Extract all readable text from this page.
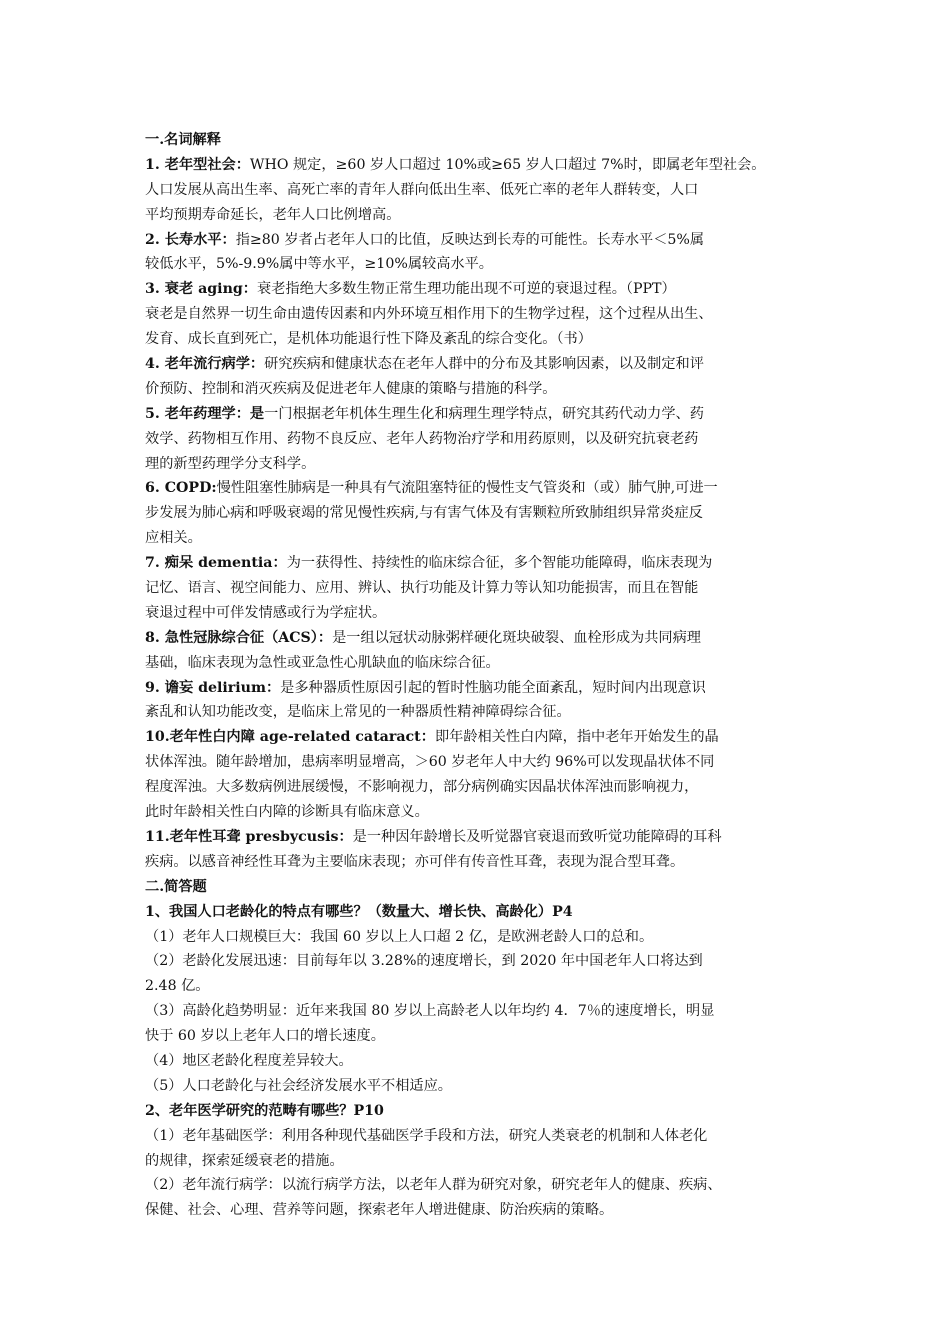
一.名词解释
1. 老年型社会：WHO 规定，≥60 岁人口超过 10%或≥65 岁人口超过 7%时，即属老年型社会。
人口发展从高出生率、高死亡率的青年人群向低出生率、低死亡率的老年人群转变，人口
平均预期寿命延长，老年人口比例增高。
2. 长寿水平：指≥80 岁者占老年人口的比值，反映达到长寿的可能性。长寿水平＜5%属
较低水平，5%-9.9%属中等水平，≥10%属较高水平。
3. 衰老 aging：衰老指绝大多数生物正常生理功能出现不可逆的衰退过程。（PPT）
衰老是自然界一切生命由遗传因素和内外环境互相作用下的生物学过程，这个过程从出生、
发育、成长直到死亡，是机体功能退行性下降及紊乱的综合变化。（书）
4. 老年流行病学：研究疾病和健康状态在老年人群中的分布及其影响因素，以及制定和评
价预防、控制和消灭疾病及促进老年人健康的策略与措施的科学。
5. 老年药理学：是一门根据老年机体生理生化和病理生理学特点，研究其药代动力学、药
效学、药物相互作用、药物不良反应、老年人药物治疗学和用药原则，以及研究抗衰老药
理的新型药理学分支科学。
6. COPD:慢性阻塞性肺病是一种具有气流阻塞特征的慢性支气管炎和（或）肺气肿,可进一
步发展为肺心病和呼吸衰竭的常见慢性疾病,与有害气体及有害颗粒所致肺组织异常炎症反
应相关。
7. 痴呆 dementia：为一获得性、持续性的临床综合征，多个智能功能障碍，临床表现为
记忆、语言、视空间能力、应用、辨认、执行功能及计算力等认知功能损害，而且在智能
衰退过程中可伴发情感或行为学症状。
8. 急性冠脉综合征（ACS）：是一组以冠状动脉粥样硬化斑块破裂、血栓形成为共同病理
基础，临床表现为急性或亚急性心肌缺血的临床综合征。
9. 谵妄 delirium：是多种器质性原因引起的暂时性脑功能全面紊乱，短时间内出现意识
紊乱和认知功能改变，是临床上常见的一种器质性精神障碍综合征。
10.老年性白内障 age-related cataract：即年龄相关性白内障，指中老年开始发生的晶
状体浑浊。随年龄增加，患病率明显增高，＞60 岁老年人中大约 96%可以发现晶状体不同
程度浑浊。大多数病例进展缓慢，不影响视力，部分病例确实因晶状体浑浊而影响视力，
此时年龄相关性白内障的诊断具有临床意义。
11.老年性耳聋 presbycusis：是一种因年龄增长及听觉器官衰退而致听觉功能障碍的耳科
疾病。以感音神经性耳聋为主要临床表现；亦可伴有传音性耳聋，表现为混合型耳聋。
二.简答题
1、我国人口老龄化的特点有哪些？（数量大、增长快、高龄化）P4
（1）老年人口规模巨大：我国 60 岁以上人口超 2 亿，是欧洲老龄人口的总和。
（2）老龄化发展迅速：目前每年以 3.28%的速度增长，到 2020 年中国老年人口将达到
2.48 亿。
（3）高龄化趋势明显：近年来我国 80 岁以上高龄老人以年均约 4．7％的速度增长，明显
快于 60 岁以上老年人口的增长速度。
（4）地区老龄化程度差异较大。
（5）人口老龄化与社会经济发展水平不相适应。
2、老年医学研究的范畴有哪些？P10
（1）老年基础医学：利用各种现代基础医学手段和方法，研究人类衰老的机制和人体老化
的规律，探索延缓衰老的措施。
（2）老年流行病学：以流行病学方法，以老年人群为研究对象，研究老年人的健康、疾病、
保健、社会、心理、营养等问题，探索老年人增进健康、防治疾病的策略。
